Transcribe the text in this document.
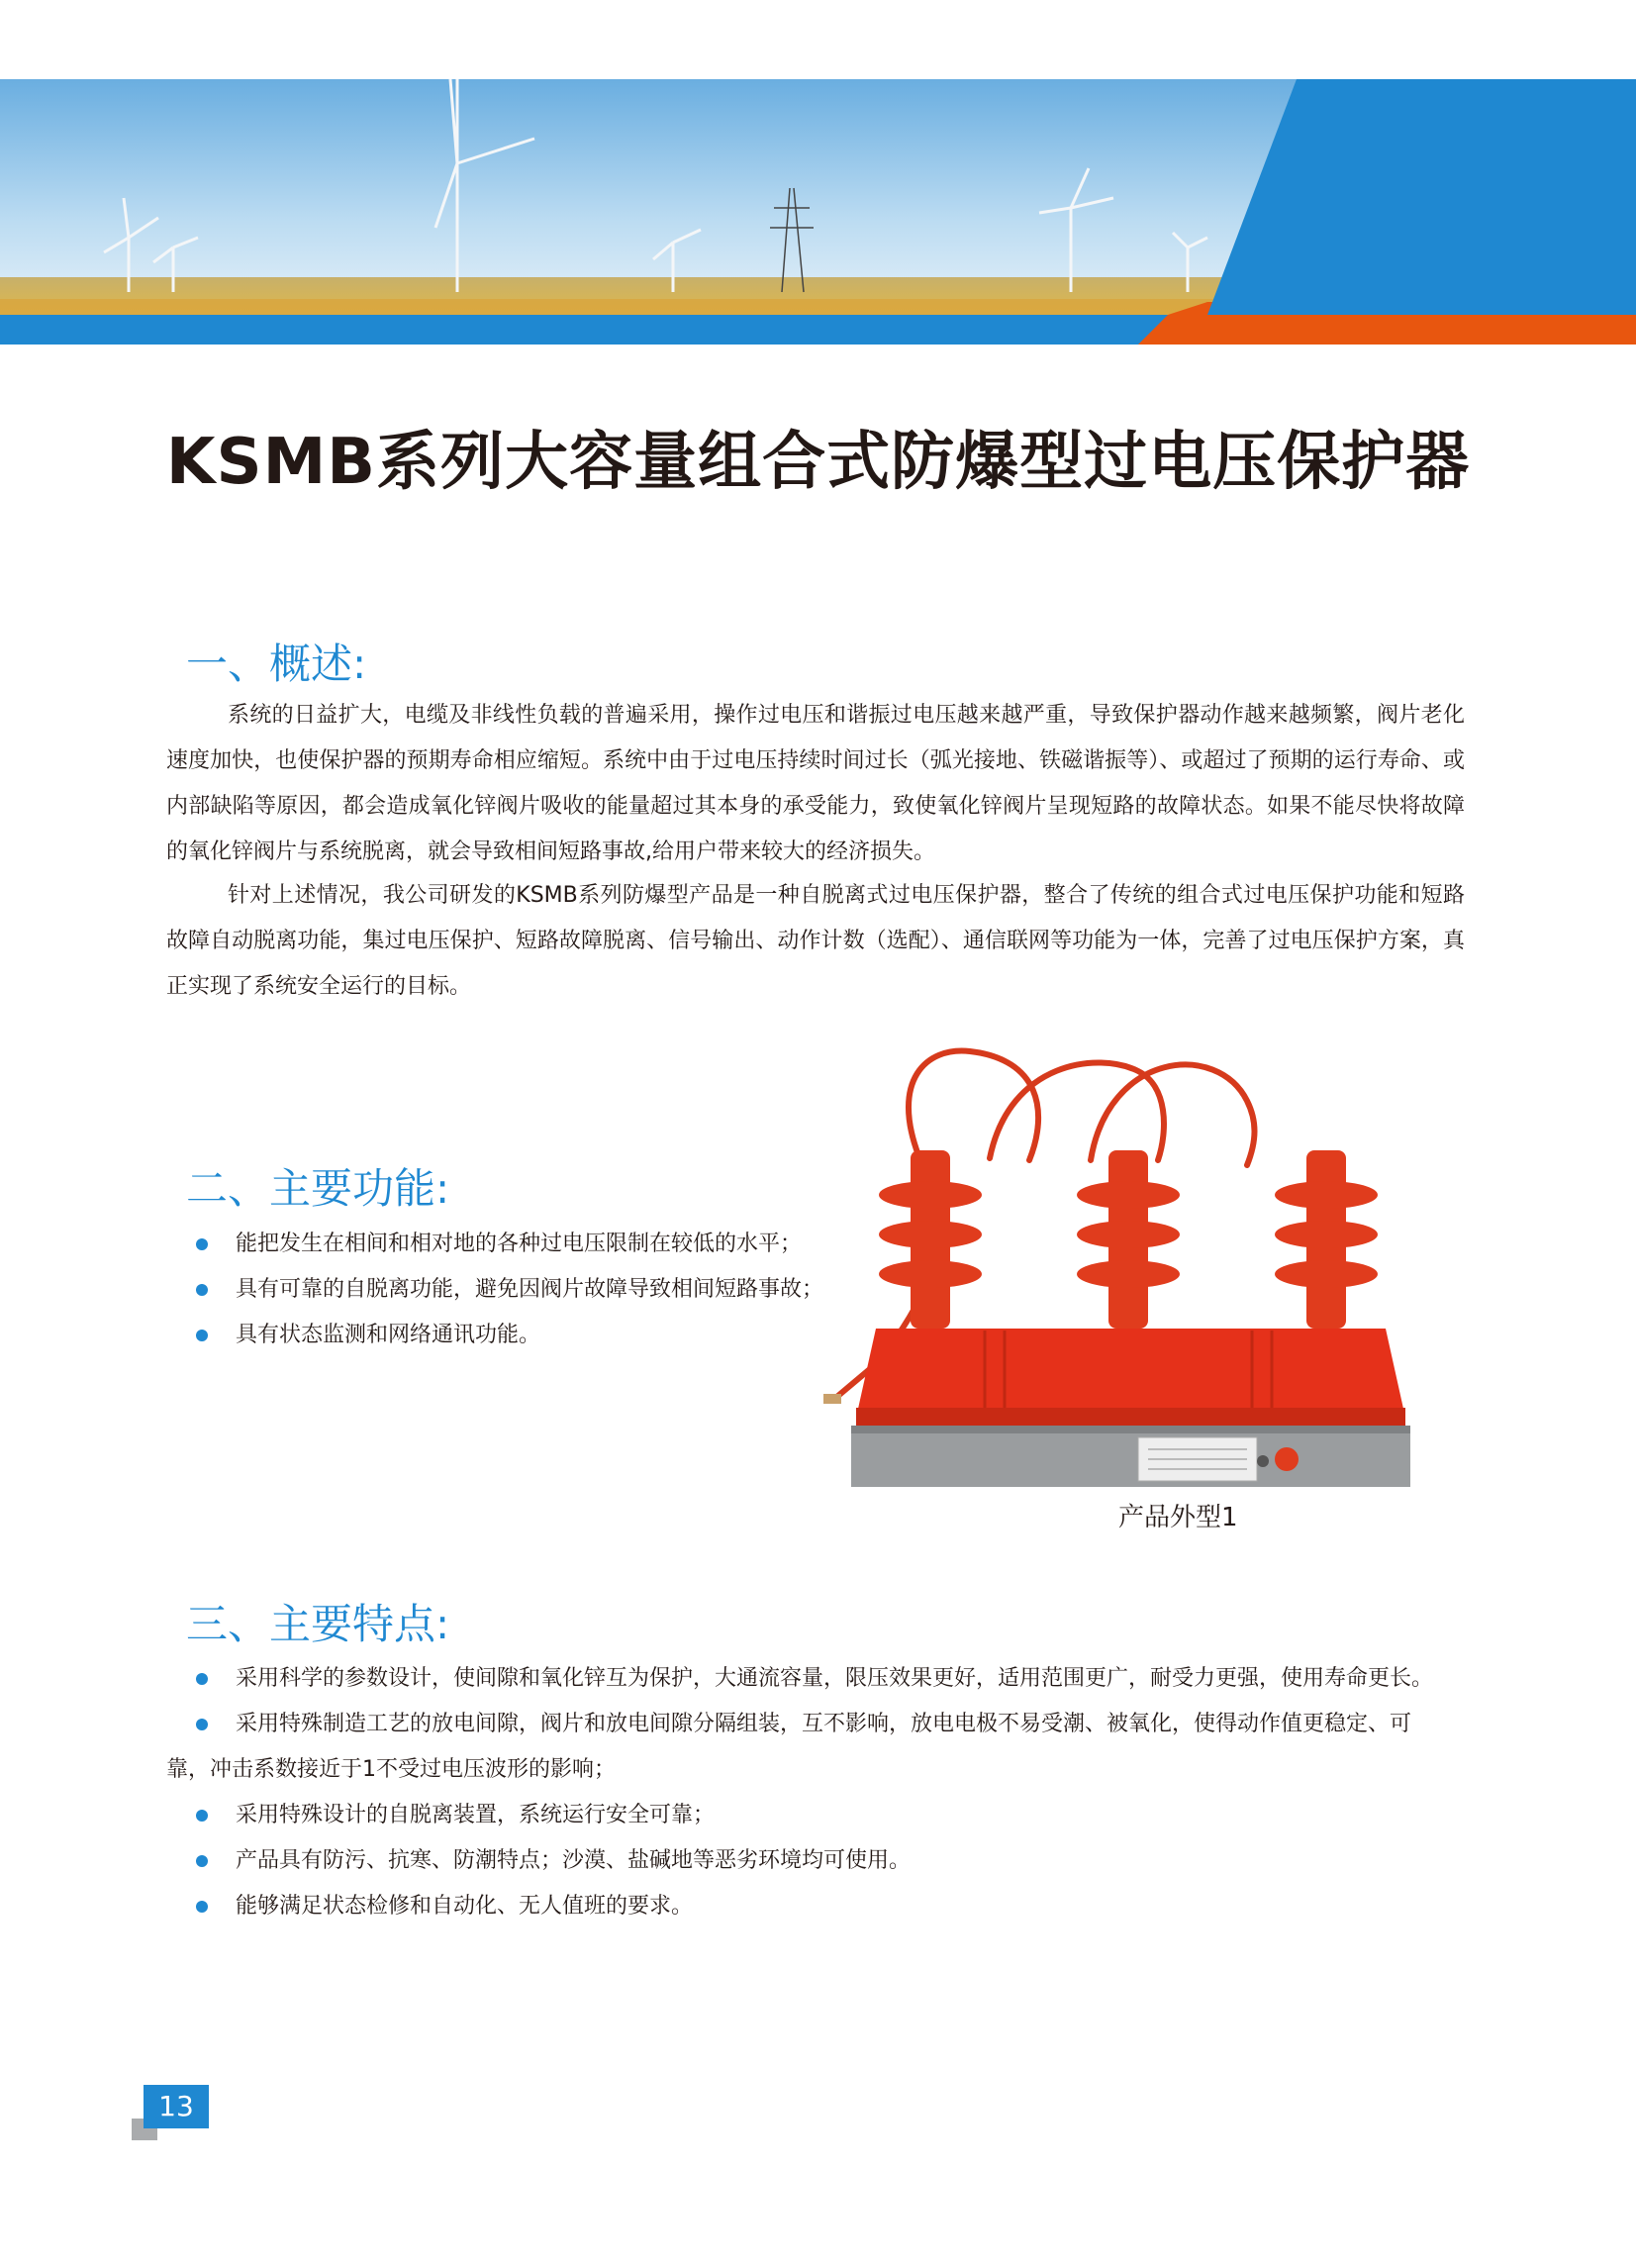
KSMB系列大容量组合式防爆型过电压保护器
一、概述:

系统的日益扩大，电缆及非线性负载的普遍采用，操作过电压和谐振过电压越来越严重，导致保护器动作越来越频繁，阀片老化速度加快，也使保护器的预期寿命相应缩短。系统中由于过电压持续时间过长（弧光接地、铁磁谐振等）、或超过了预期的运行寿命、或内部缺陷等原因，都会造成氧化锌阀片吸收的能量超过其本身的承受能力，致使氧化锌阀片呈现短路的故障状态。如果不能尽快将故障的氧化锌阀片与系统脱离，就会导致相间短路事故,给用户带来较大的经济损失。

针对上述情况，我公司研发的KSMB系列防爆型产品是一种自脱离式过电压保护器，整合了传统的组合式过电压保护功能和短路故障自动脱离功能，集过电压保护、短路故障脱离、信号输出、动作计数（选配）、通信联网等功能为一体，完善了过电压保护方案，真正实现了系统安全运行的目标。

二、主要功能:
能把发生在相间和相对地的各种过电压限制在较低的水平；
具有可靠的自脱离功能，避免因阀片故障导致相间短路事故；
具有状态监测和网络通讯功能。
产品外型1
三、主要特点:
采用科学的参数设计，使间隙和氧化锌互为保护，大通流容量，限压效果更好，适用范围更广，耐受力更强，使用寿命更长。
采用特殊制造工艺的放电间隙，阀片和放电间隙分隔组装，互不影响，放电电极不易受潮、被氧化，使得动作值更稳定、可
靠，冲击系数接近于1不受过电压波形的影响；
采用特殊设计的自脱离装置，系统运行安全可靠；
产品具有防污、抗寒、防潮特点；沙漠、盐碱地等恶劣环境均可使用。
能够满足状态检修和自动化、无人值班的要求。
13
